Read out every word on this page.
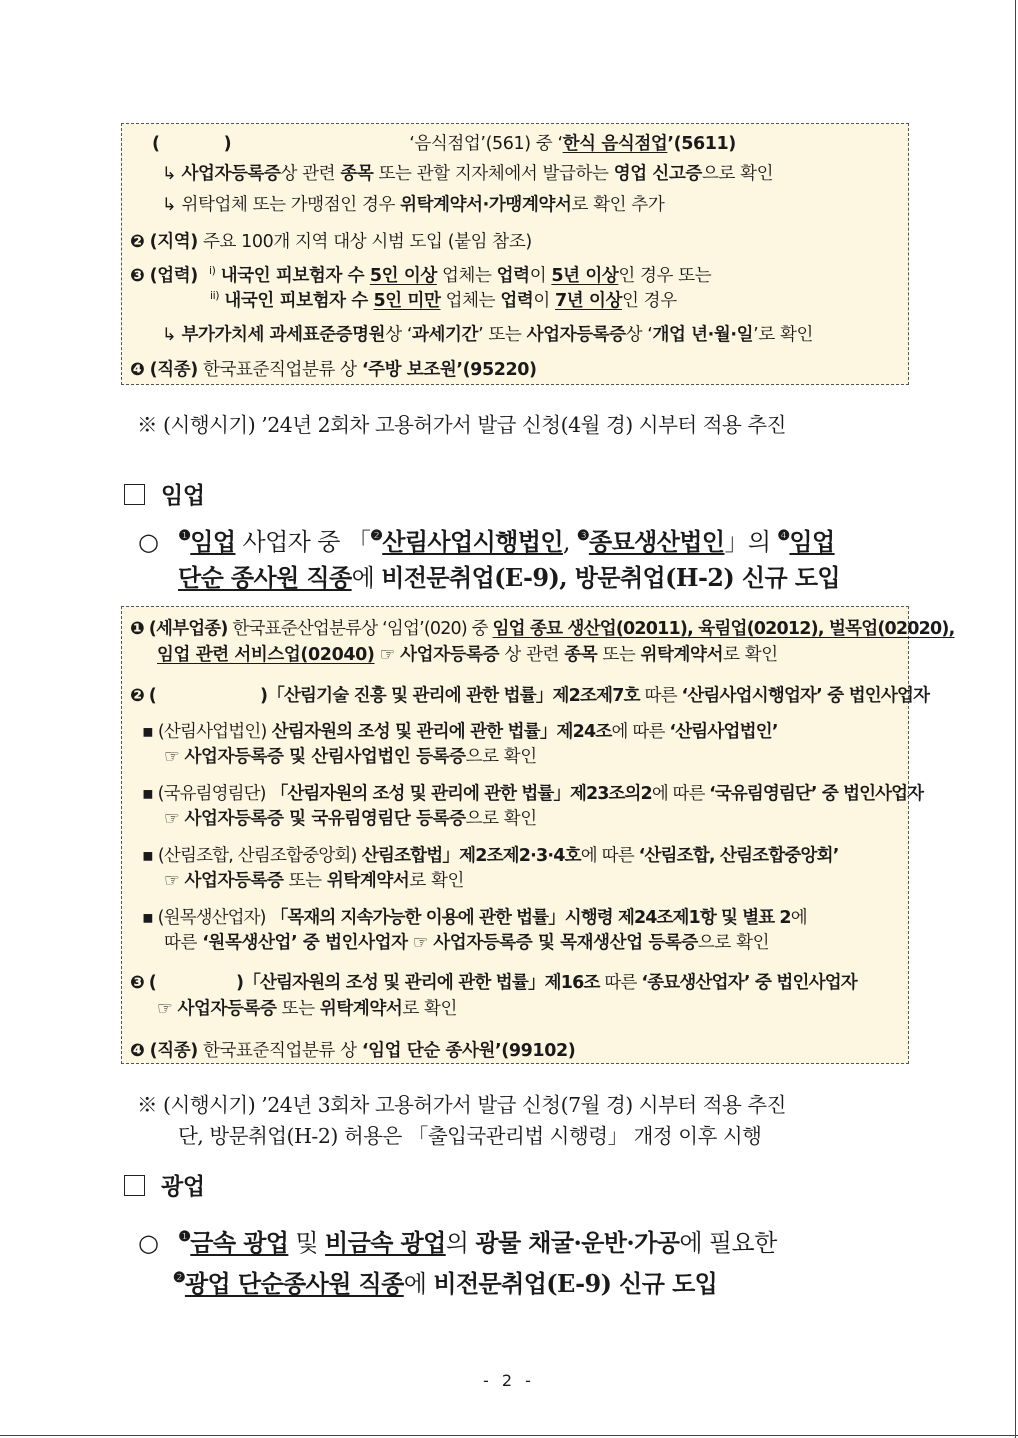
(	)	‘음식점업’(561) 중 ‘한식 음식점업’(5611)
↳ 사업자등록증상 관련 종목 또는 관할 지자체에서 발급하는 영업 신고증으로 확인
↳ 위탁업체 또는 가맹점인 경우 위탁계약서·가맹계약서로 확인 추가
❷ (지역) 주요 100개 지역 대상 시범 도입 (붙임 참조)
❸ (업력) $^{i)}$ 내국인 피보험자 수 5인 이상 업체는 업력이 5년 이상인 경우 또는
$^{ii)}$ 내국인 피보험자 수 5인 미만 업체는 업력이 7년 이상인 경우
↳ 부가가치세 과세표준증명원상 ‘과세기간’ 또는 사업자등록증상 ‘개업 년·월·일’로 확인
❹ (직종) 한국표준직업분류 상 ‘주방 보조원’(95220)
※ (시행시기) ’24년 2회차 고용허가서 발급 신청(4월 경) 시부터 적용 추진
임업
○ $^❶$임업 사업자 중 「$^❷$산림사업시행법인, $^❸$종묘생산법인」의 $^❹$임업
단순 종사원 직종에 비전문취업(E-9), 방문취업(H-2) 신규 도입
❶ (세부업종) 한국표준산업분류상 ‘임업’(020) 중 임업 종묘 생산업(02011), 육림업(02012), 벌목업(02020),
임업 관련 서비스업(02040) ☞ 사업자등록증 상 관련 종목 또는 위탁계약서로 확인
❷ (	)「산림기술 진흥 및 관리에 관한 법률」제2조제7호 따른 ‘산림사업시행업자’ 중 법인사업자
▪ (산림사업법인) 산림자원의 조성 및 관리에 관한 법률」제24조에 따른 ‘산림사업법인’
☞ 사업자등록증 및 산림사업법인 등록증으로 확인
▪ (국유림영림단) 「산림자원의 조성 및 관리에 관한 법률」제23조의2에 따른 ‘국유림영림단’ 중 법인사업자
☞ 사업자등록증 및 국유림영림단 등록증으로 확인
▪ (산림조합, 산림조합중앙회) 산림조합법」제2조제2·3·4호에 따른 ‘산림조합, 산림조합중앙회’
☞ 사업자등록증 또는 위탁계약서로 확인
▪ (원목생산업자) 「목재의 지속가능한 이용에 관한 법률」시행령 제24조제1항 및 별표 2에
따른 ‘원목생산업’ 중 법인사업자 ☞ 사업자등록증 및 목재생산업 등록증으로 확인
❸ (	)「산림자원의 조성 및 관리에 관한 법률」제16조 따른 ‘종묘생산업자’ 중 법인사업자
☞ 사업자등록증 또는 위탁계약서로 확인
❹ (직종) 한국표준직업분류 상 ‘임업 단순 종사원’(99102)
※ (시행시기) ’24년 3회차 고용허가서 발급 신청(7월 경) 시부터 적용 추진
단, 방문취업(H-2) 허용은 「출입국관리법 시행령」 개정 이후 시행
광업
○ $^❶$금속 광업 및 비금속 광업의 광물 채굴·운반·가공에 필요한
$^❷$광업 단순종사원 직종에 비전문취업(E-9) 신규 도입
- 2 -
